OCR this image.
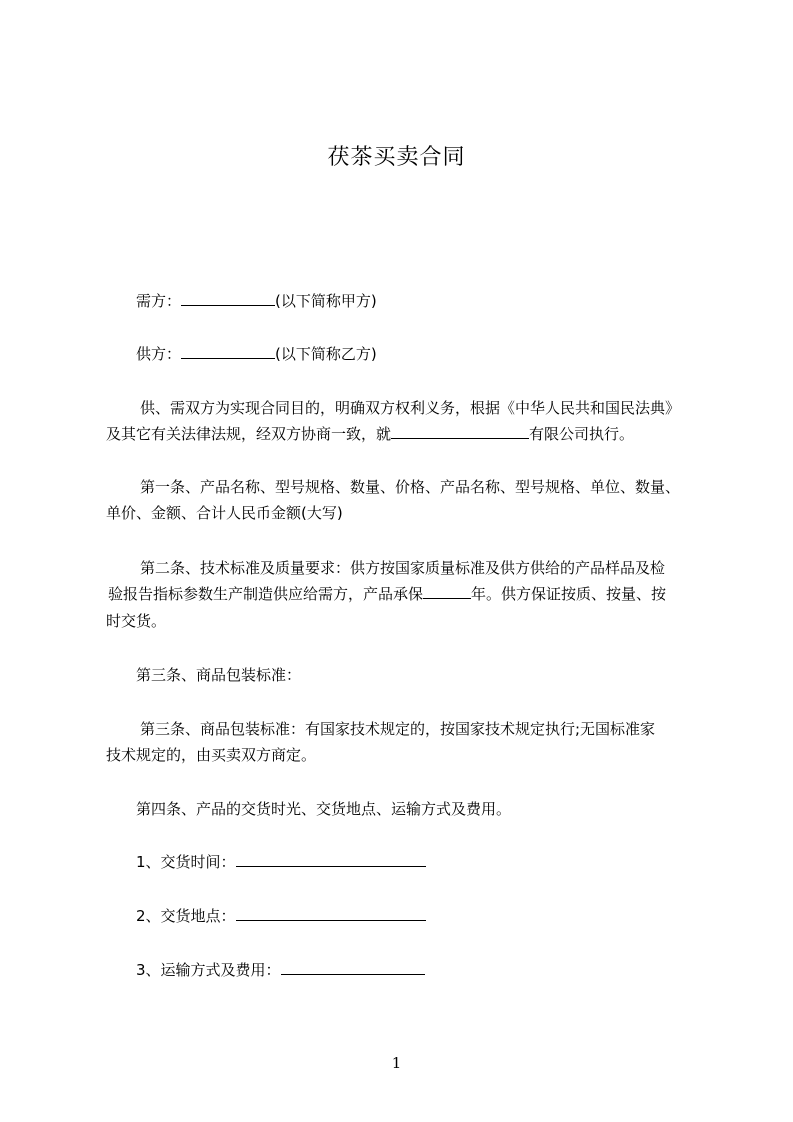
茯茶买卖合同
需方：	(以下简称甲方)
供方：	(以下简称乙方)
供、需双方为实现合同目的，明确双方权利义务，根据《中华人民共和国民法典》
及其它有关法律法规，经双方协商一致，就	有限公司执行。
第一条、产品名称、型号规格、数量、价格、产品名称、型号规格、单位、数量、
单价、金额、合计人民币金额(大写)
第二条、技术标准及质量要求：供方按国家质量标准及供方供给的产品样品及检
验报告指标参数生产制造供应给需方，产品承保	年。供方保证按质、按量、按
时交货。
第三条、商品包装标准：
第三条、商品包装标准：有国家技术规定的，按国家技术规定执行;无国标准家
技术规定的，由买卖双方商定。
第四条、产品的交货时光、交货地点、运输方式及费用。
1、交货时间：
2、交货地点：
3、运输方式及费用：
1
